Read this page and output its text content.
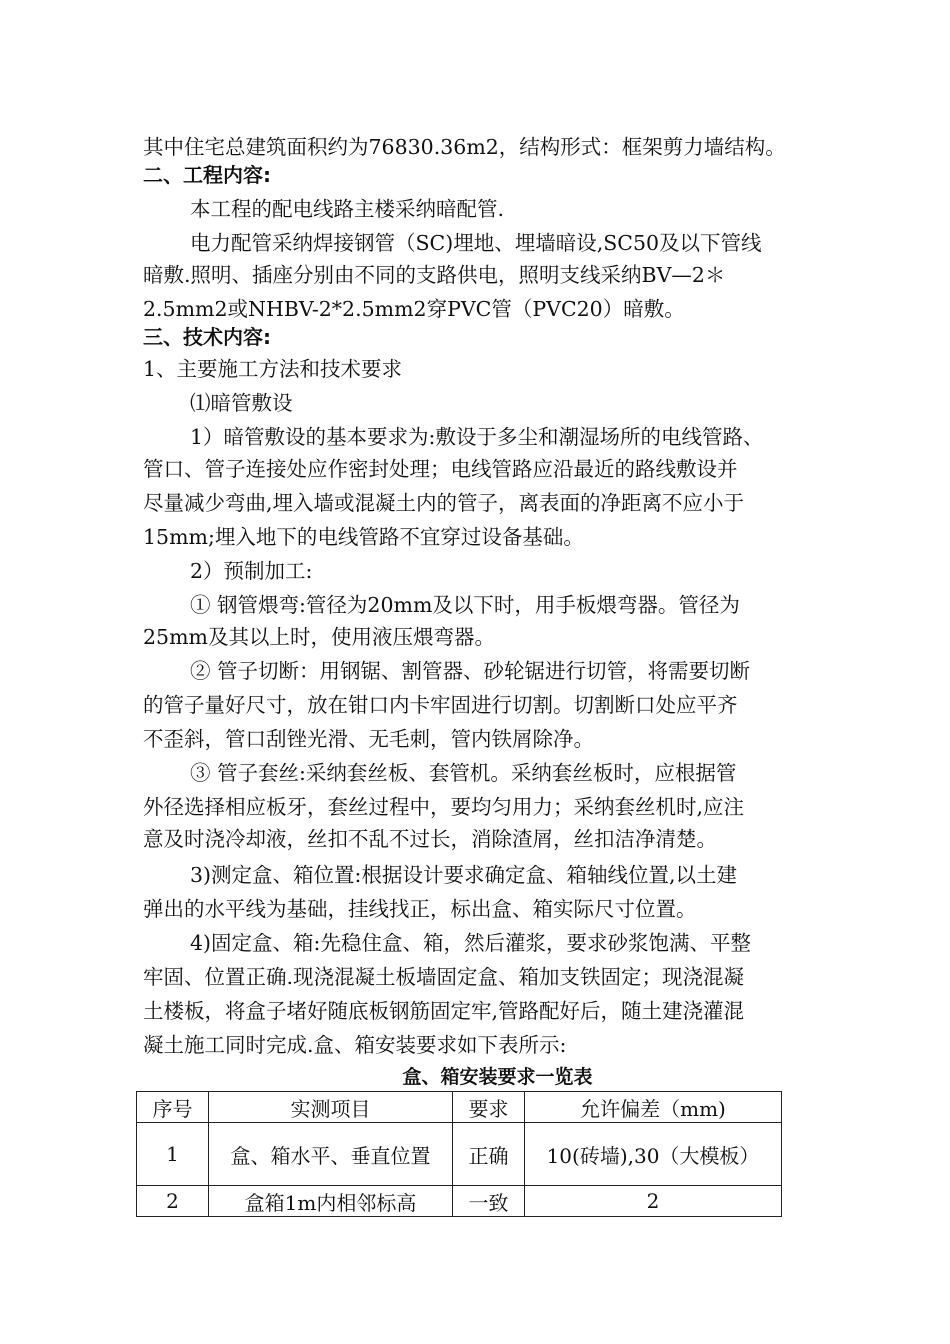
其中住宅总建筑面积约为76830.36m2，结构形式：框架剪力墙结构。
二、工程内容:
本工程的配电线路主楼采纳暗配管.
电力配管采纳焊接钢管（SC)埋地、埋墙暗设,SC50及以下管线
暗敷.照明、插座分别由不同的支路供电，照明支线采纳BV—2＊
2.5mm2或NHBV-2*2.5mm2穿PVC管（PVC20）暗敷。
三、技术内容:
1、主要施工方法和技术要求
⑴暗管敷设
1）暗管敷设的基本要求为:敷设于多尘和潮湿场所的电线管路、
管口、管子连接处应作密封处理；电线管路应沿最近的路线敷设并
尽量减少弯曲,埋入墙或混凝土内的管子，离表面的净距离不应小于
15mm;埋入地下的电线管路不宜穿过设备基础。
2）预制加工:
① 钢管煨弯:管径为20mm及以下时，用手板煨弯器。管径为
25mm及其以上时，使用液压煨弯器。
② 管子切断：用钢锯、割管器、砂轮锯进行切管，将需要切断
的管子量好尺寸，放在钳口内卡牢固进行切割。切割断口处应平齐
不歪斜，管口刮锉光滑、无毛刺，管内铁屑除净。
③ 管子套丝:采纳套丝板、套管机。采纳套丝板时，应根据管
外径选择相应板牙，套丝过程中，要均匀用力；采纳套丝机时,应注
意及时浇冷却液，丝扣不乱不过长，消除渣屑，丝扣洁净清楚。
3)测定盒、箱位置:根据设计要求确定盒、箱轴线位置,以土建
弹出的水平线为基础，挂线找正，标出盒、箱实际尺寸位置。
4)固定盒、箱:先稳住盒、箱，然后灌浆，要求砂浆饱满、平整
牢固、位置正确.现浇混凝土板墙固定盒、箱加支铁固定；现浇混凝
土楼板，将盒子堵好随底板钢筋固定牢,管路配好后，随土建浇灌混
凝土施工同时完成.盒、箱安装要求如下表所示:
盒、箱安装要求一览表
序号	实测项目	要求	允许偏差（mm)
1	盒、箱水平、垂直位置	正确	10(砖墙),30（大模板）
2	盒箱1m内相邻标高	一致	2
